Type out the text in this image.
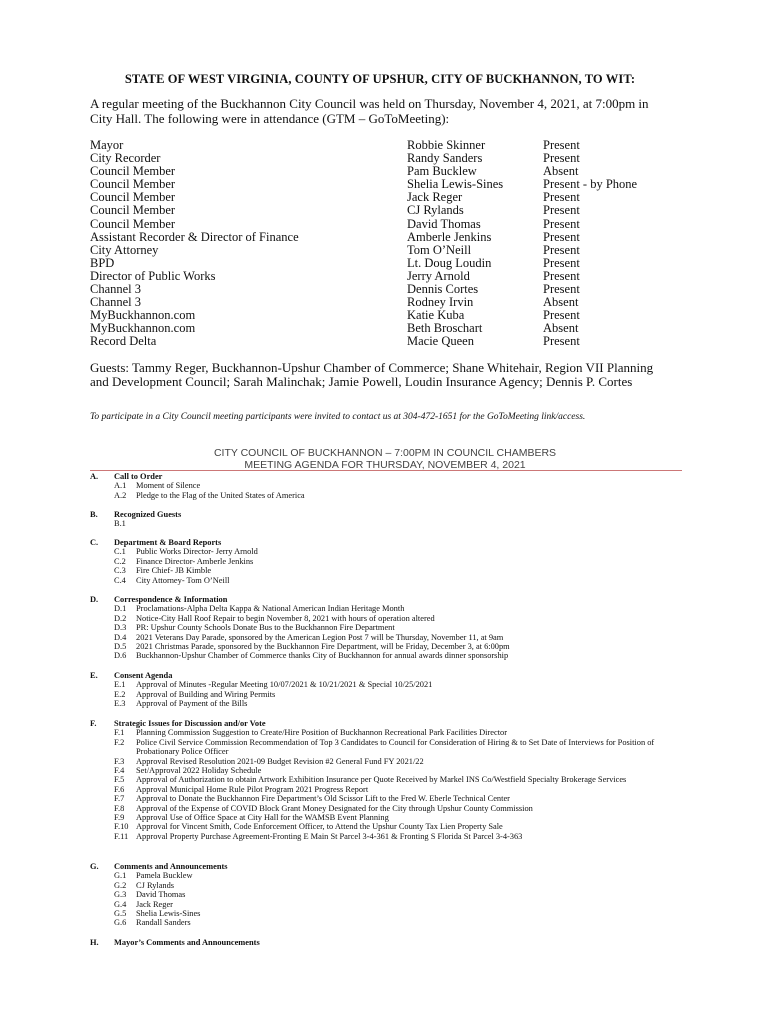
STATE OF WEST VIRGINIA, COUNTY OF UPSHUR, CITY OF BUCKHANNON, TO WIT:
A regular meeting of the Buckhannon City Council was held on Thursday, November 4, 2021, at 7:00pm in City Hall. The following were in attendance (GTM – GoToMeeting):
Mayor	Robbie Skinner	Present
City Recorder	Randy Sanders	Present
Council Member	Pam Bucklew	Absent
Council Member	Shelia Lewis-Sines	Present - by Phone
Council Member	Jack Reger	Present
Council Member	CJ Rylands	Present
Council Member	David Thomas	Present
Assistant Recorder & Director of Finance	Amberle Jenkins	Present
City Attorney	Tom O’Neill	Present
BPD	Lt. Doug Loudin	Present
Director of Public Works	Jerry Arnold	Present
Channel 3	Dennis Cortes	Present
Channel 3	Rodney Irvin	Absent
MyBuckhannon.com	Katie Kuba	Present
MyBuckhannon.com	Beth Broschart	Absent
Record Delta	Macie Queen	Present
Guests: Tammy Reger, Buckhannon-Upshur Chamber of Commerce; Shane Whitehair, Region VII Planning and Development Council; Sarah Malinchak; Jamie Powell, Loudin Insurance Agency; Dennis P. Cortes
To participate in a City Council meeting participants were invited to contact us at 304-472-1651 for the GoToMeeting link/access.
CITY COUNCIL OF BUCKHANNON – 7:00PM IN COUNCIL CHAMBERS
MEETING AGENDA FOR THURSDAY, NOVEMBER 4, 2021
A.	Call to Order
A.1	Moment of Silence
A.2	Pledge to the Flag of the United States of America
B.	Recognized Guests
B.1
C.	Department & Board Reports
C.1	Public Works Director- Jerry Arnold
C.2	Finance Director- Amberle Jenkins
C.3	Fire Chief- JB Kimble
C.4	City Attorney- Tom O’Neill
D.	Correspondence & Information
D.1	Proclamations-Alpha Delta Kappa & National American Indian Heritage Month
D.2	Notice-City Hall Roof Repair to begin November 8, 2021 with hours of operation altered
D.3	PR: Upshur County Schools Donate Bus to the Buckhannon Fire Department
D.4	2021 Veterans Day Parade, sponsored by the American Legion Post 7 will be Thursday, November 11, at 9am
D.5	2021 Christmas Parade, sponsored by the Buckhannon Fire Department, will be Friday, December 3, at 6:00pm
D.6	Buckhannon-Upshur Chamber of Commerce thanks City of Buckhannon for annual awards dinner sponsorship
E.	Consent Agenda
E.1	Approval of Minutes -Regular Meeting 10/07/2021 & 10/21/2021 & Special 10/25/2021
E.2	Approval of Building and Wiring Permits
E.3	Approval of Payment of the Bills
F.	Strategic Issues for Discussion and/or Vote
F.1	Planning Commission Suggestion to Create/Hire Position of Buckhannon Recreational Park Facilities Director
F.2	Police Civil Service Commission Recommendation of Top 3 Candidates to Council for Consideration of Hiring & to Set Date of Interviews for Position of Probationary Police Officer
F.3	Approval Revised Resolution 2021-09 Budget Revision #2 General Fund FY 2021/22
F.4	Set/Approval 2022 Holiday Schedule
F.5	Approval of Authorization to obtain Artwork Exhibition Insurance per Quote Received by Markel INS Co/Westfield Specialty Brokerage Services
F.6	Approval Municipal Home Rule Pilot Program 2021 Progress Report
F.7	Approval to Donate the Buckhannon Fire Department’s Old Scissor Lift to the Fred W. Eberle Technical Center
F.8	Approval of the Expense of COVID Block Grant Money Designated for the City through Upshur County Commission
F.9	Approval Use of Office Space at City Hall for the WAMSB Event Planning
F.10 Approval for Vincent Smith, Code Enforcement Officer, to Attend the Upshur County Tax Lien Property Sale
F.11 Approval Property Purchase Agreement-Fronting E Main St Parcel 3-4-361 & Fronting S Florida St Parcel 3-4-363
G.	Comments and Announcements
G.1	Pamela Bucklew
G.2	CJ Rylands
G.3	David Thomas
G.4	Jack Reger
G.5	Shelia Lewis-Sines
G.6	Randall Sanders
H.	Mayor’s Comments and Announcements
